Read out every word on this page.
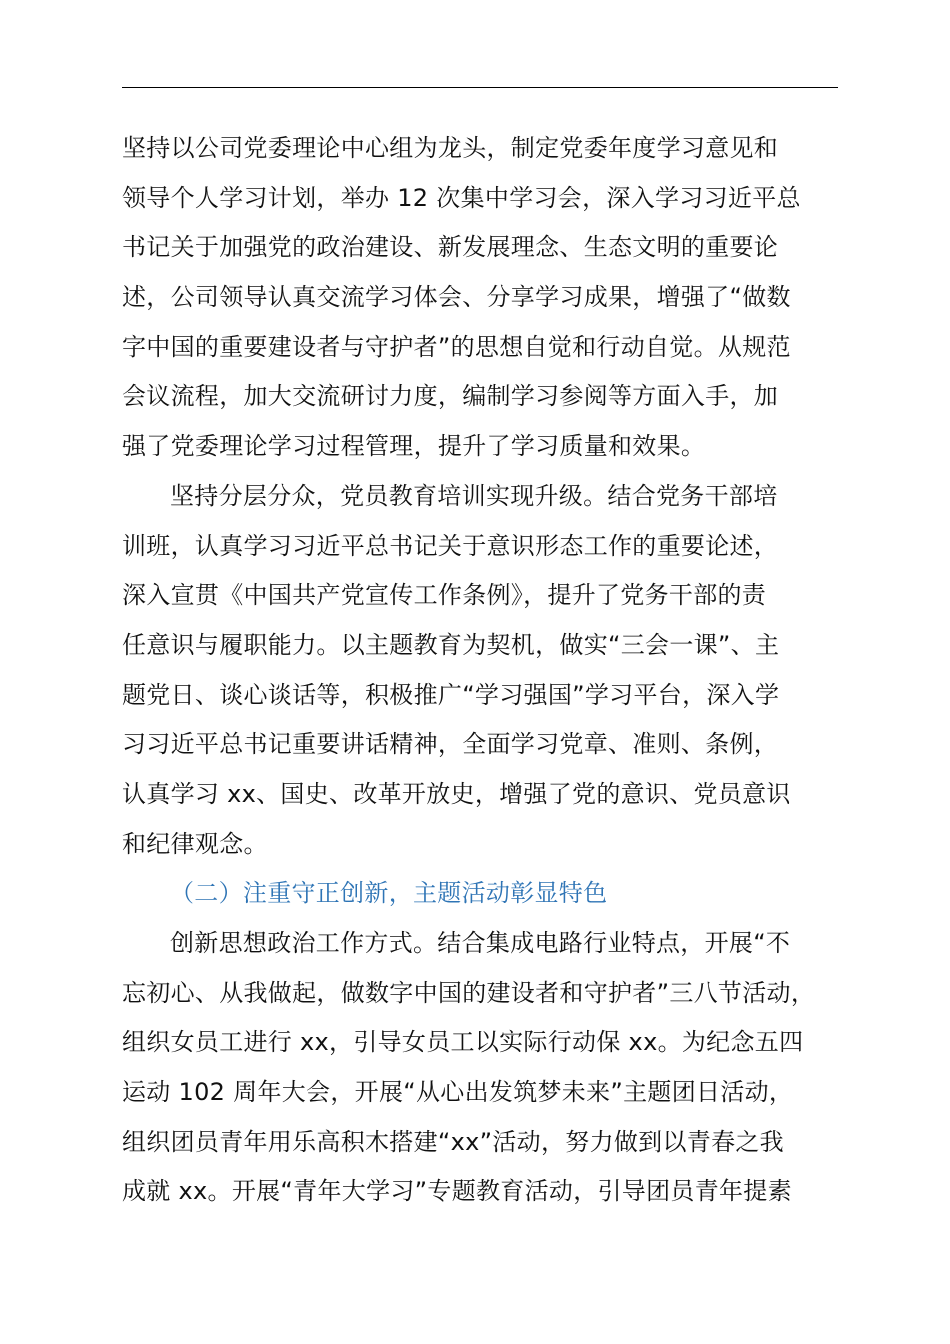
坚持以公司党委理论中心组为龙头，制定党委年度学习意见和
领导个人学习计划，举办 12 次集中学习会，深入学习习近平总
书记关于加强党的政治建设、新发展理念、生态文明的重要论
述，公司领导认真交流学习体会、分享学习成果，增强了“做数
字中国的重要建设者与守护者”的思想自觉和行动自觉。从规范
会议流程，加大交流研讨力度，编制学习参阅等方面入手，加
强了党委理论学习过程管理，提升了学习质量和效果。
坚持分层分众，党员教育培训实现升级。结合党务干部培
训班，认真学习习近平总书记关于意识形态工作的重要论述，
深入宣贯《中国共产党宣传工作条例》，提升了党务干部的责
任意识与履职能力。以主题教育为契机，做实“三会一课”、主
题党日、谈心谈话等，积极推广“学习强国”学习平台，深入学
习习近平总书记重要讲话精神，全面学习党章、准则、条例，
认真学习 xx、国史、改革开放史，增强了党的意识、党员意识
和纪律观念。
（二）注重守正创新，主题活动彰显特色
创新思想政治工作方式。结合集成电路行业特点，开展“不
忘初心、从我做起，做数字中国的建设者和守护者”三八节活动，
组织女员工进行 xx，引导女员工以实际行动保 xx。为纪念五四
运动 102 周年大会，开展“从心出发筑梦未来”主题团日活动，
组织团员青年用乐高积木搭建“xx”活动，努力做到以青春之我
成就 xx。开展“青年大学习”专题教育活动，引导团员青年提素
